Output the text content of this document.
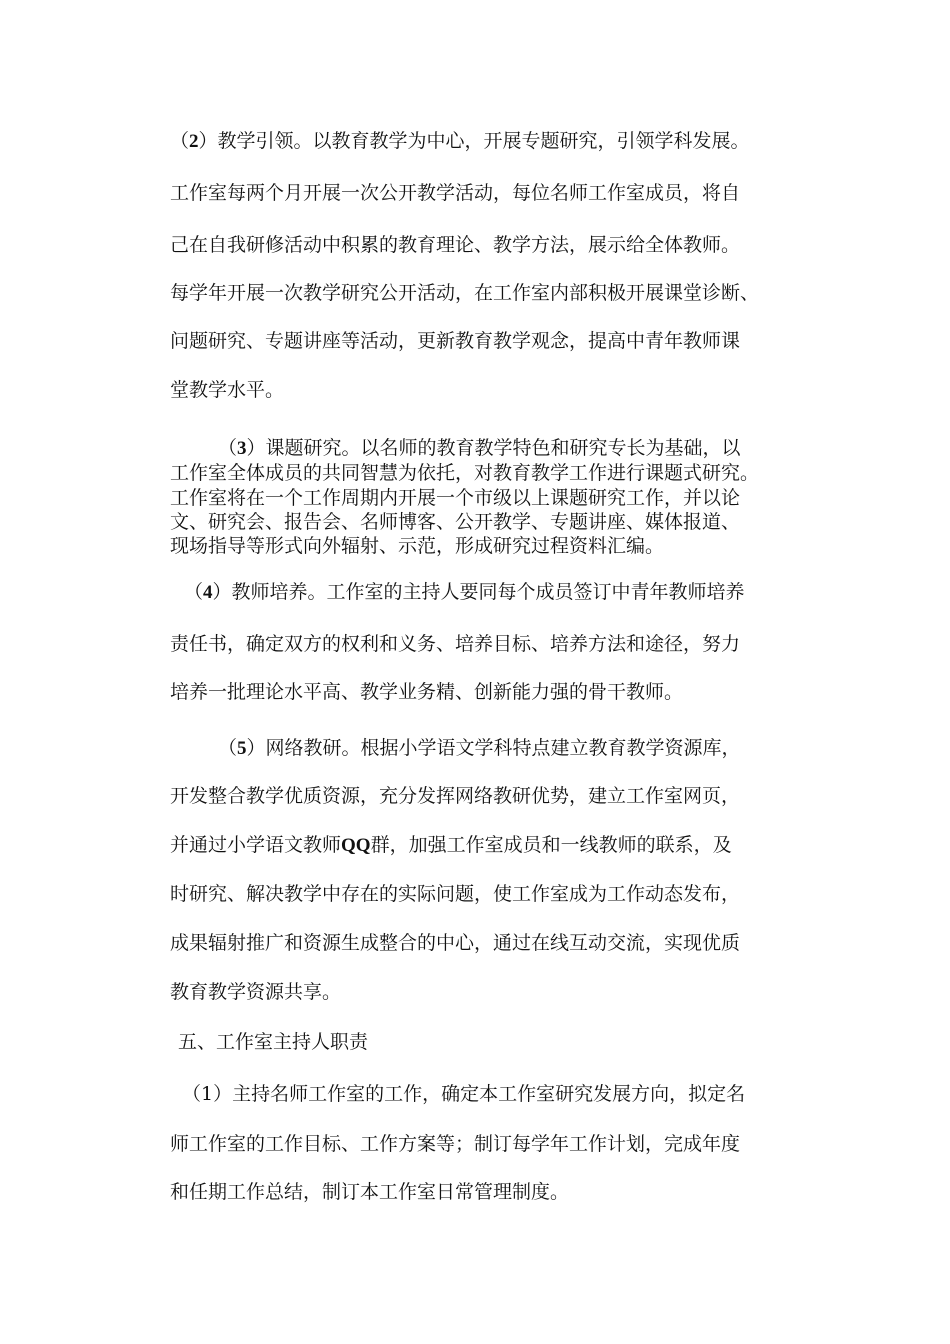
（2）教学引领。以教育教学为中心，开展专题研究，引领学科发展。
工作室每两个月开展一次公开教学活动，每位名师工作室成员，将自
己在自我研修活动中积累的教育理论、教学方法，展示给全体教师。
每学年开展一次教学研究公开活动，在工作室内部积极开展课堂诊断、
问题研究、专题讲座等活动，更新教育教学观念，提高中青年教师课
堂教学水平。
（3）课题研究。以名师的教育教学特色和研究专长为基础，以
工作室全体成员的共同智慧为依托，对教育教学工作进行课题式研究。
工作室将在一个工作周期内开展一个市级以上课题研究工作，并以论
文、研究会、报告会、名师博客、公开教学、专题讲座、媒体报道、
现场指导等形式向外辐射、示范，形成研究过程资料汇编。
（4）教师培养。工作室的主持人要同每个成员签订中青年教师培养
责任书，确定双方的权利和义务、培养目标、培养方法和途径，努力
培养一批理论水平高、教学业务精、创新能力强的骨干教师。
（5）网络教研。根据小学语文学科特点建立教育教学资源库，
开发整合教学优质资源，充分发挥网络教研优势，建立工作室网页，
并通过小学语文教师QQ群，加强工作室成员和一线教师的联系，及
时研究、解决教学中存在的实际问题，使工作室成为工作动态发布，
成果辐射推广和资源生成整合的中心，通过在线互动交流，实现优质
教育教学资源共享。
五、工作室主持人职责
（1）主持名师工作室的工作，确定本工作室研究发展方向，拟定名
师工作室的工作目标、工作方案等；制订每学年工作计划，完成年度
和任期工作总结，制订本工作室日常管理制度。
